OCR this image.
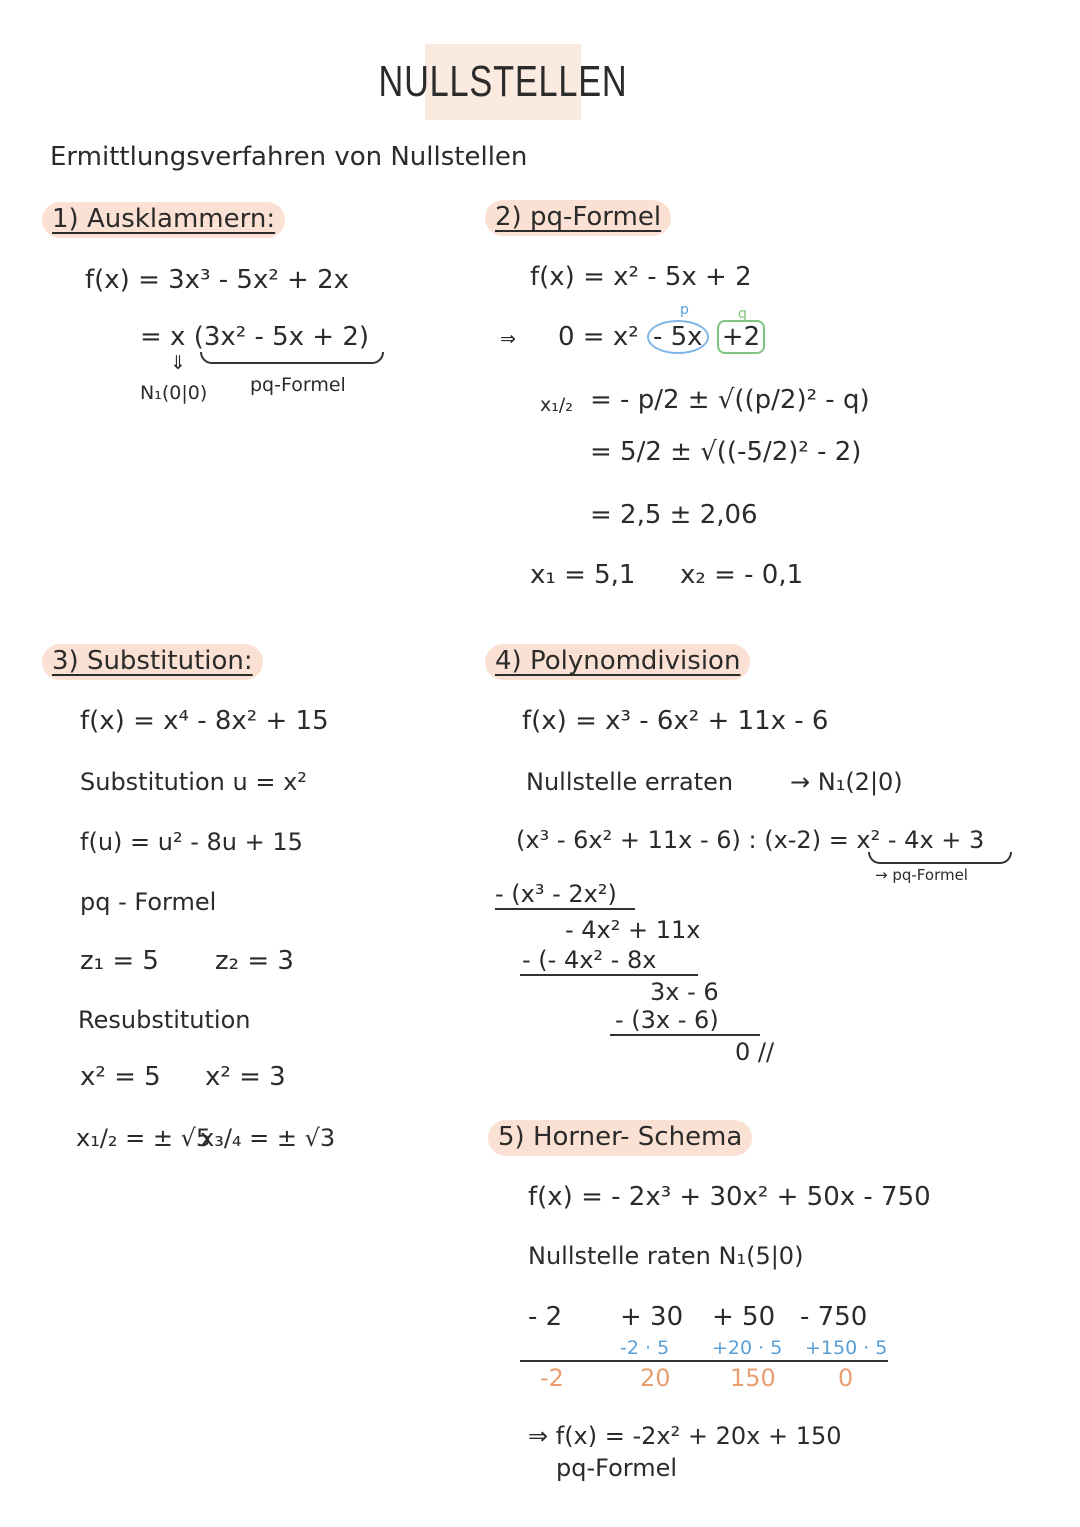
NULLSTELLEN
Ermittlungsverfahren von Nullstellen
1) Ausklammern:
f(x) = 3x³ - 5x² + 2x
= x (3x² - 5x + 2)
⇓
N₁(0|0) pq-Formel
2) pq-Formel
f(x) = x² - 5x + 2
⇒ 0 = x² - 5x +2
p	q
x₁/₂ = - p/2 ± √((p/2)² - q)
= 5/2 ± √((-5/2)² - 2)
= 2,5 ± 2,06
x₁ = 5,1 x₂ = - 0,1
3) Substitution:
f(x) = x⁴ - 8x² + 15
Substitution u = x²
f(u) = u² - 8u + 15
pq - Formel
z₁ = 5 z₂ = 3
Resubstitution
x² = 5 x² = 3
x₁/₂ = ± √5
x₃/₄ = ± √3
4) Polynomdivision
f(x) = x³ - 6x² + 11x - 6
Nullstelle erraten → N₁(2|0)
(x³ - 6x² + 11x - 6) : (x-2) = x² - 4x + 3
→ pq-Formel
- (x³ - 2x²)
- 4x² + 11x
- (- 4x² - 8x
3x - 6
- (3x - 6)
0 //
5) Horner- Schema
f(x) = - 2x³ + 30x² + 50x - 750
Nullstelle raten N₁(5|0)
- 2 + 30 + 50 - 750
-2 · 5 +20 · 5 +150 · 5
-2	20 150	0
⇒ f(x) = -2x² + 20x + 150
pq-Formel
